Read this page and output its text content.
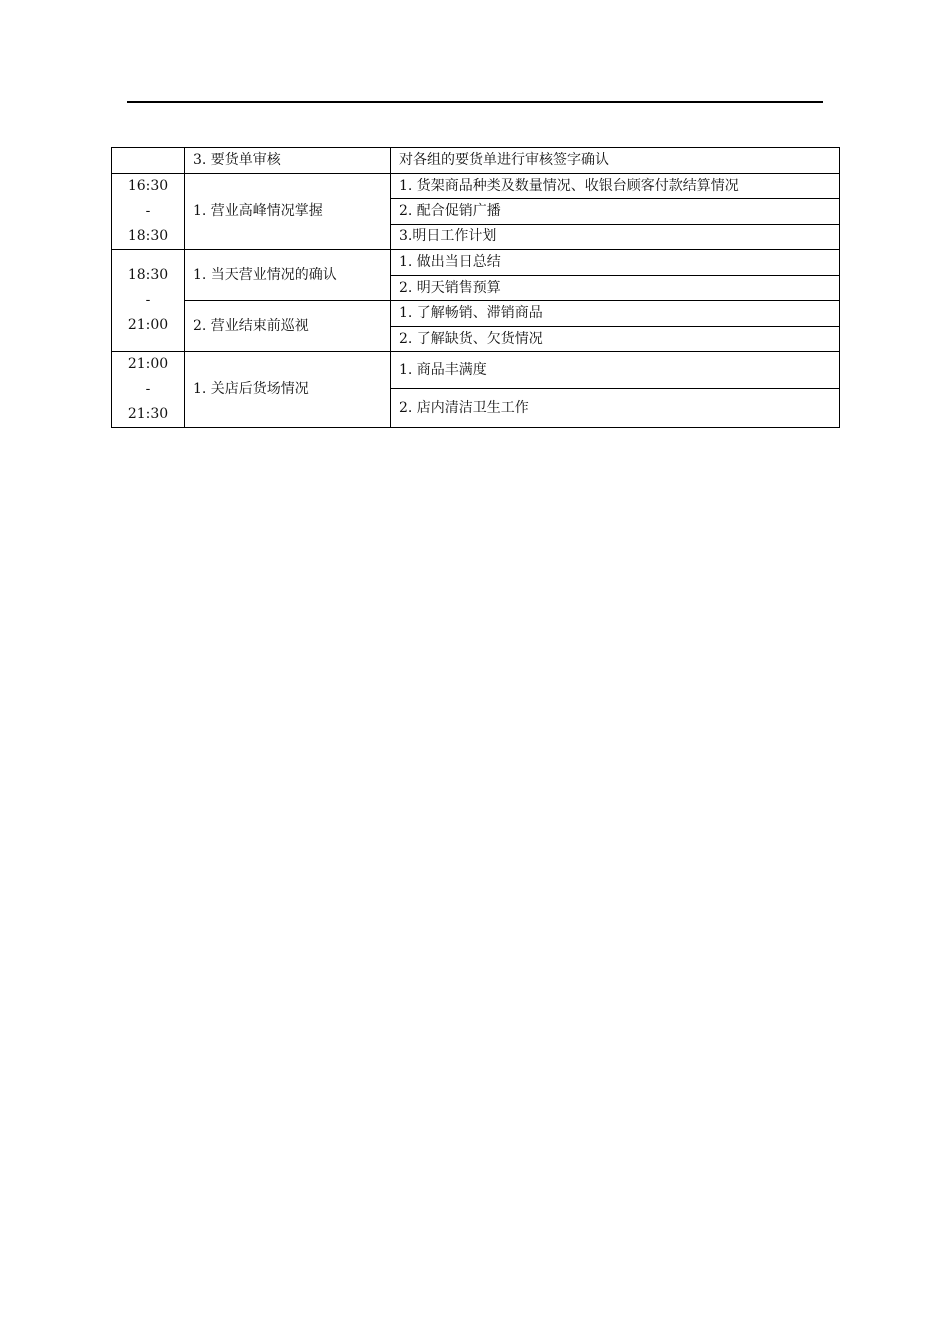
	3. 要货单审核	对各组的要货单进行审核签字确认

16:30
-
18:30	1. 营业高峰情况掌握	1. 货架商品种类及数量情况、收银台顾客付款结算情况
		2. 配合促销广播
		3.明日工作计划

18:30
-
21:00	1. 当天营业情况的确认	1. 做出当日总结
		2. 明天销售预算
	2. 营业结束前巡视	1. 了解畅销、滞销商品
		2. 了解缺货、欠货情况

21:00
-
21:30	1. 关店后货场情况	1. 商品丰满度
		2. 店内清洁卫生工作
